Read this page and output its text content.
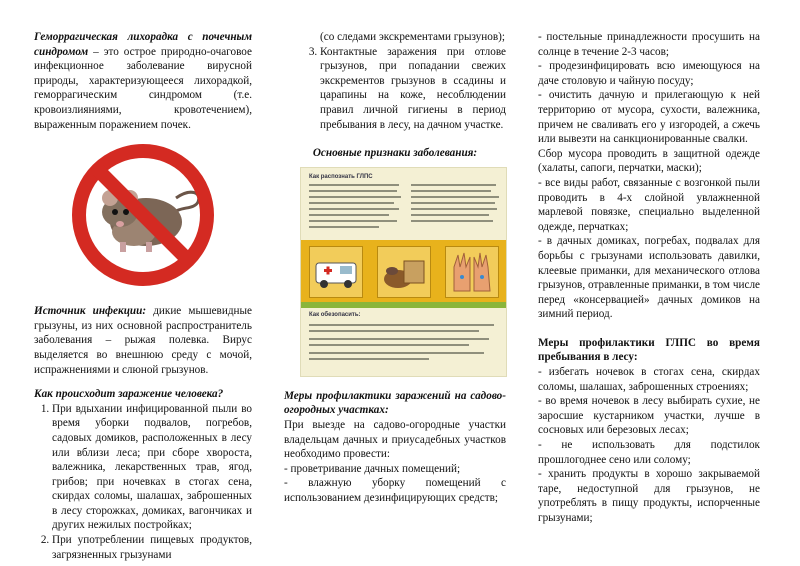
Геморрагическая лихорадка с почечным синдромом – это острое природно-очаговое инфекционное заболевание вирусной природы, характеризующееся лихорадкой, геморрагическим синдромом (т.е. кровоизлияниями, кровотечением), выраженным поражением почек.

Источник инфекции: дикие мышевидные грызуны, из них основной распространитель заболевания – рыжая полевка. Вирус выделяется во внешнюю среду с мочой, испражнениями и слюной грызунов.

Как происходит заражение человека?

1. При вдыхании инфицированной пыли во время уборки подвалов, погребов, садовых домиков, расположенных в лесу или вблизи леса; при сборе хвороста, валежника, лекарственных трав, ягод, грибов; при ночевках в стогах сена, скирдах соломы, шалашах, заброшенных в лесу сторожках, домиках, вагончиках и других нежилых постройках;
2. При употреблении пищевых продуктов, загрязненных грызунами

(со следами экскрементами грызунов);

3. Контактные заражения при отлове грызунов, при попадании свежих экскрементов грызунов в ссадины и царапины на коже, несоблюдении правил личной гигиены в период пребывания в лесу, на дачном участке.

Основные признаки заболевания:

Как распознать ГЛПС
Как обезопасить:

Меры профилактики заражений на садово-огородных участках:

При выезде на садово-огородные участки владельцам дачных и приусадебных участков необходимо провести:

- проветривание дачных помещений;

- влажную уборку помещений с использованием дезинфицирующих средств;

- постельные принадлежности просушить на солнце в течение 2-3 часов;

- продезинфицировать всю имеющуюся на даче столовую и чайную посуду;

- очистить дачную и прилегающую к ней территорию от мусора, сухости, валежника, причем не сваливать его у изгородей, а сжечь или вывезти на санкционированные свалки.

Сбор мусора проводить в защитной одежде (халаты, сапоги, перчатки, маски);

- все виды работ, связанные с возгонкой пыли проводить в 4-х слойной увлажненной марлевой повязке, специально выделенной одежде, перчатках;

- в дачных домиках, погребах, подвалах для борьбы с грызунами использовать давилки, клеевые приманки, для механического отлова грызунов, отравленные приманки, в том числе перед «консервацией» дачных домиков на зимний период.

Меры профилактики ГЛПС во время пребывания в лесу:

- избегать ночевок в стогах сена, скирдах соломы, шалашах, заброшенных строениях;

- во время ночевок в лесу выбирать сухие, не заросшие кустарником участки, лучше в сосновых или березовых лесах;

- не использовать для подстилок прошлогоднее сено или солому;

- хранить продукты в хорошо закрываемой таре, недоступной для грызунов, не употреблять в пищу продукты, испорченные грызунами;
